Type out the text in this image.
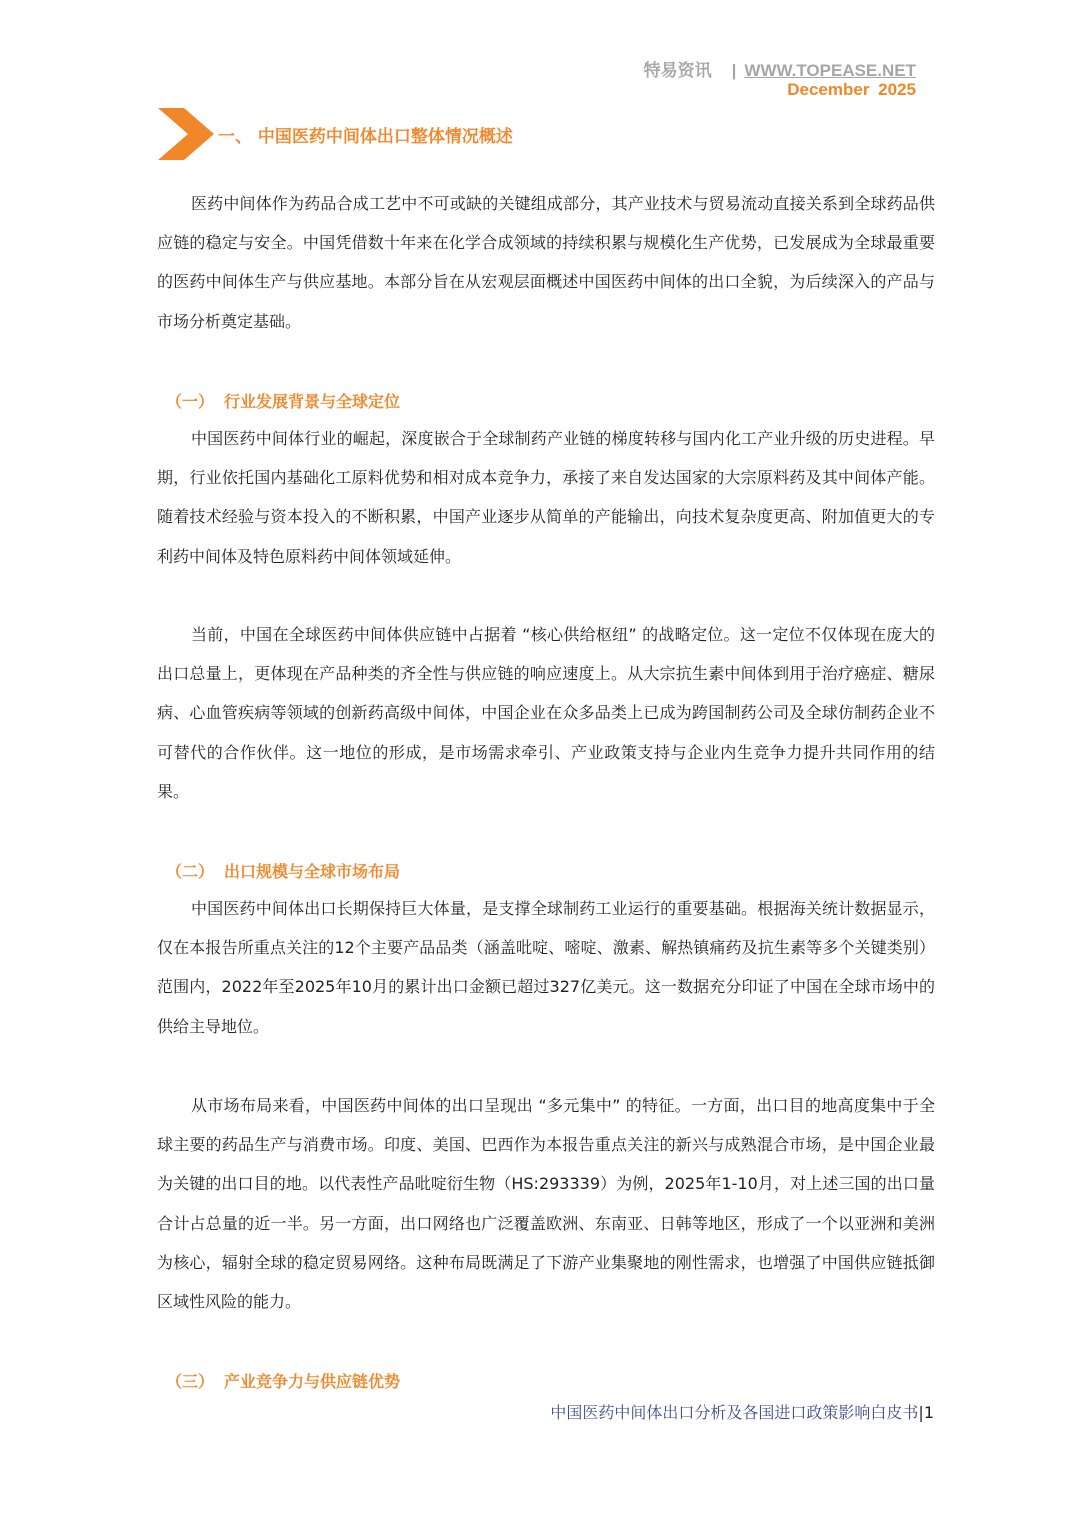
特易资讯 | WWW.TOPEASE.NET
December 2025
一、 中国医药中间体出口整体情况概述

医药中间体作为药品合成工艺中不可或缺的关键组成部分，其产业技术与贸易流动直接关系到全球药品供应链的稳定与安全。中国凭借数十年来在化学合成领域的持续积累与规模化生产优势，已发展成为全球最重要的医药中间体生产与供应基地。本部分旨在从宏观层面概述中国医药中间体的出口全貌，为后续深入的产品与市场分析奠定基础。

（一） 行业发展背景与全球定位

中国医药中间体行业的崛起，深度嵌合于全球制药产业链的梯度转移与国内化工产业升级的历史进程。早期，行业依托国内基础化工原料优势和相对成本竞争力，承接了来自发达国家的大宗原料药及其中间体产能。随着技术经验与资本投入的不断积累，中国产业逐步从简单的产能输出，向技术复杂度更高、附加值更大的专利药中间体及特色原料药中间体领域延伸。

当前，中国在全球医药中间体供应链中占据着 “核心供给枢纽” 的战略定位。这一定位不仅体现在庞大的出口总量上，更体现在产品种类的齐全性与供应链的响应速度上。从大宗抗生素中间体到用于治疗癌症、糖尿病、心血管疾病等领域的创新药高级中间体，中国企业在众多品类上已成为跨国制药公司及全球仿制药企业不可替代的合作伙伴。这一地位的形成，是市场需求牵引、产业政策支持与企业内生竞争力提升共同作用的结果。

（二） 出口规模与全球市场布局

中国医药中间体出口长期保持巨大体量，是支撑全球制药工业运行的重要基础。根据海关统计数据显示，仅在本报告所重点关注的12个主要产品品类（涵盖吡啶、嘧啶、激素、解热镇痛药及抗生素等多个关键类别）范围内，2022年至2025年10月的累计出口金额已超过327亿美元。这一数据充分印证了中国在全球市场中的供给主导地位。

从市场布局来看，中国医药中间体的出口呈现出 “多元集中” 的特征。一方面，出口目的地高度集中于全球主要的药品生产与消费市场。印度、美国、巴西作为本报告重点关注的新兴与成熟混合市场，是中国企业最为关键的出口目的地。以代表性产品吡啶衍生物（HS:293339）为例，2025年1-10月，对上述三国的出口量合计占总量的近一半。另一方面，出口网络也广泛覆盖欧洲、东南亚、日韩等地区，形成了一个以亚洲和美洲为核心，辐射全球的稳定贸易网络。这种布局既满足了下游产业集聚地的刚性需求，也增强了中国供应链抵御区域性风险的能力。

（三） 产业竞争力与供应链优势
中国医药中间体出口分析及各国进口政策影响白皮书|1
